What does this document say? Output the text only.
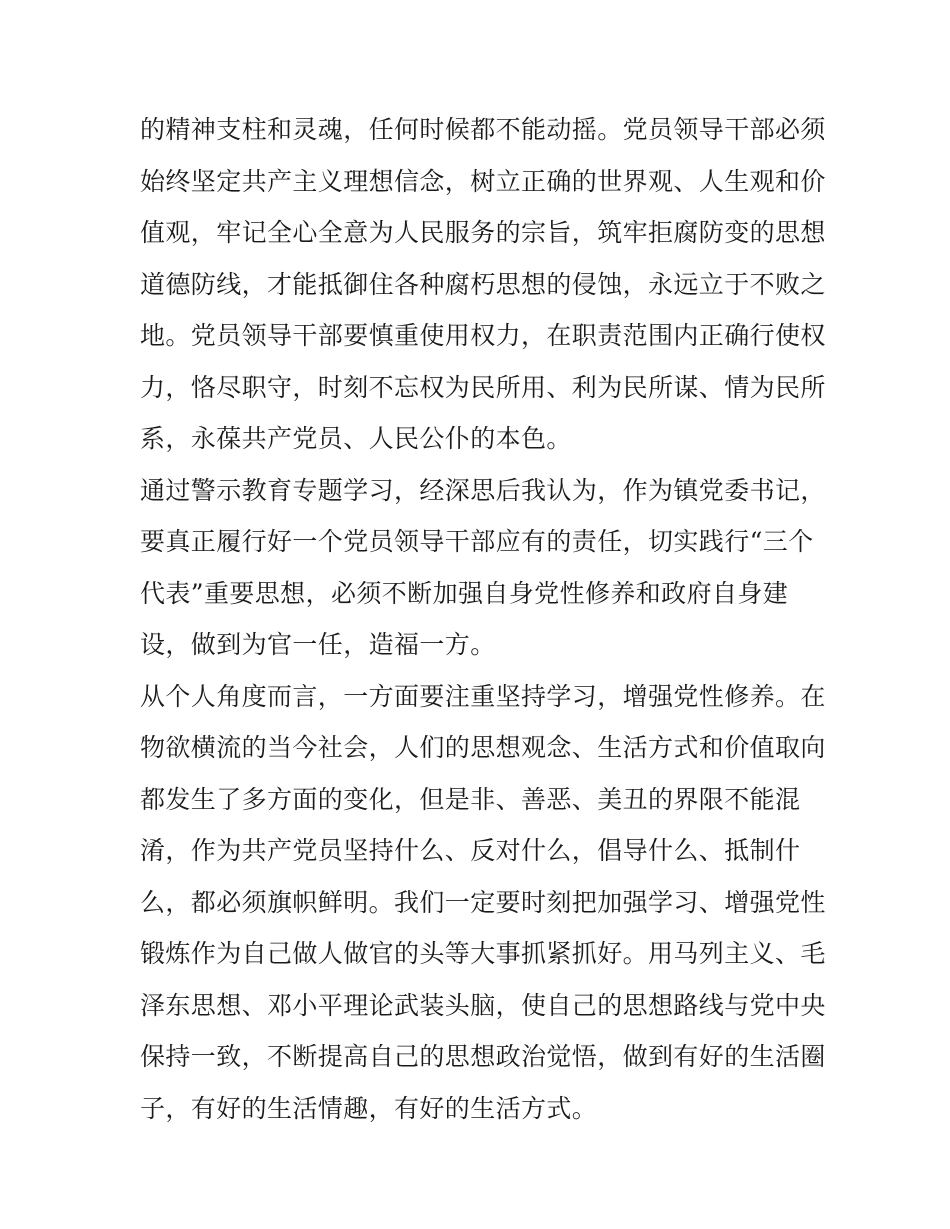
的精神支柱和灵魂，任何时候都不能动摇。党员领导干部必须
始终坚定共产主义理想信念，树立正确的世界观、人生观和价
值观，牢记全心全意为人民服务的宗旨，筑牢拒腐防变的思想
道德防线，才能抵御住各种腐朽思想的侵蚀，永远立于不败之
地。党员领导干部要慎重使用权力，在职责范围内正确行使权
力，恪尽职守，时刻不忘权为民所用、利为民所谋、情为民所
系，永葆共产党员、人民公仆的本色。
通过警示教育专题学习，经深思后我认为，作为镇党委书记，
要真正履行好一个党员领导干部应有的责任，切实践行“三个
代表”重要思想，必须不断加强自身党性修养和政府自身建
设，做到为官一任，造福一方。
从个人角度而言，一方面要注重坚持学习，增强党性修养。在
物欲横流的当今社会，人们的思想观念、生活方式和价值取向
都发生了多方面的变化，但是非、善恶、美丑的界限不能混
淆，作为共产党员坚持什么、反对什么，倡导什么、抵制什
么，都必须旗帜鲜明。我们一定要时刻把加强学习、增强党性
锻炼作为自己做人做官的头等大事抓紧抓好。用马列主义、毛
泽东思想、邓小平理论武装头脑，使自己的思想路线与党中央
保持一致，不断提高自己的思想政治觉悟，做到有好的生活圈
子，有好的生活情趣，有好的生活方式。
